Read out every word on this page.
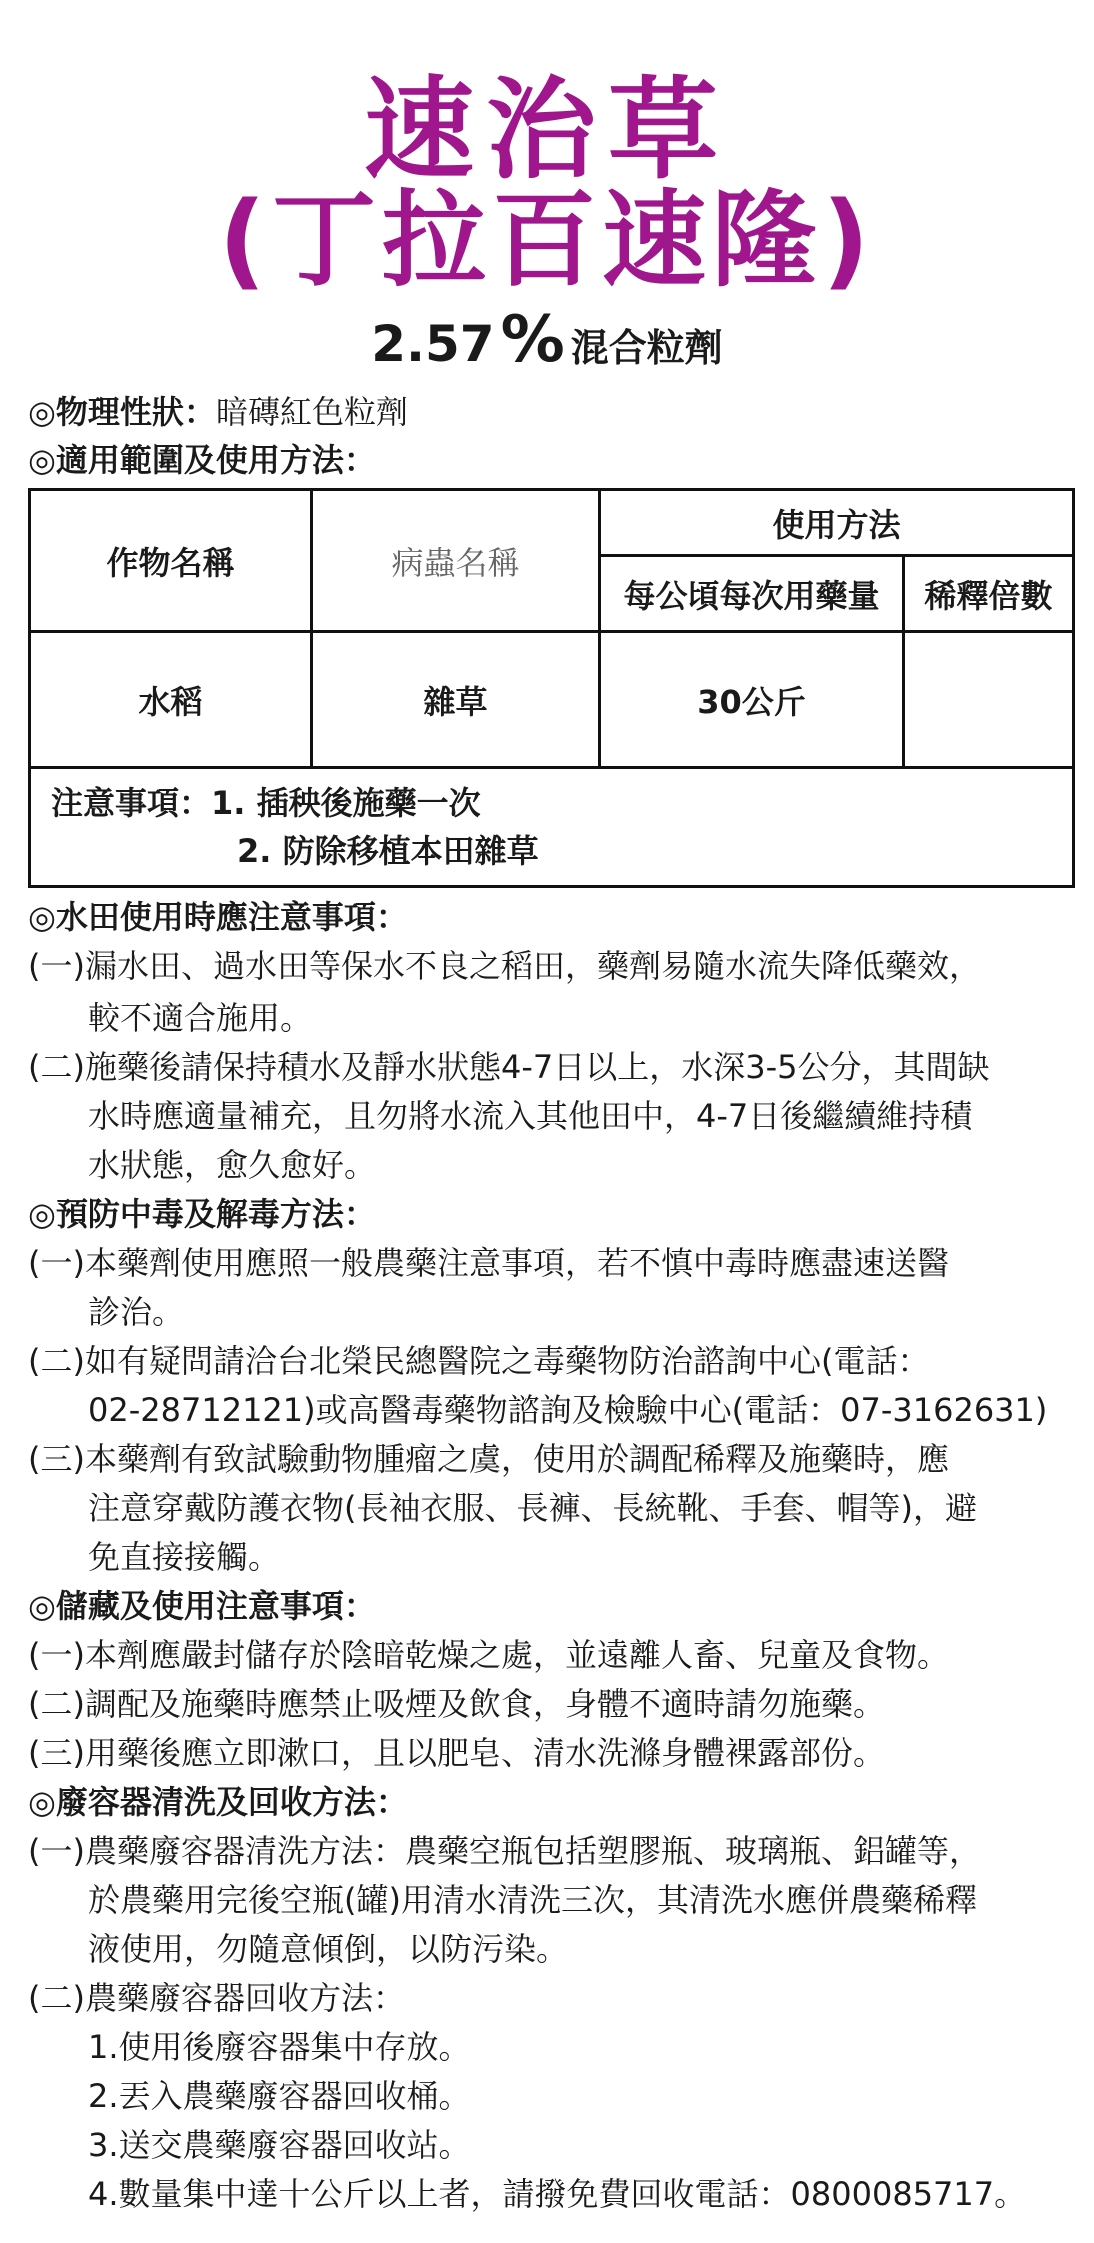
速治草
(丁拉百速隆)
2.57% 混合粒劑
◎物理性狀：暗磚紅色粒劑
◎適用範圍及使用方法：
作物名稱	病蟲名稱	使用方法	
		每公頃每次用藥量	稀釋倍數
水稻	雜草	30公斤	

注意事項：1. 插秧後施藥一次
2. 防除移植本田雜草			
◎水田使用時應注意事項：
(一)漏水田、過水田等保水不良之稻田，藥劑易隨水流失降低藥效，
較不適合施用。
(二)施藥後請保持積水及靜水狀態4-7日以上，水深3-5公分，其間缺
水時應適量補充，且勿將水流入其他田中，4-7日後繼續維持積
水狀態，愈久愈好。
◎預防中毒及解毒方法：
(一)本藥劑使用應照一般農藥注意事項，若不慎中毒時應盡速送醫
診治。
(二)如有疑問請洽台北榮民總醫院之毒藥物防治諮詢中心(電話：
02-28712121)或高醫毒藥物諮詢及檢驗中心(電話：07-3162631)
(三)本藥劑有致試驗動物腫瘤之虞，使用於調配稀釋及施藥時，應
注意穿戴防護衣物(長袖衣服、長褲、長統靴、手套、帽等)，避
免直接接觸。
◎儲藏及使用注意事項：
(一)本劑應嚴封儲存於陰暗乾燥之處，並遠離人畜、兒童及食物。
(二)調配及施藥時應禁止吸煙及飲食，身體不適時請勿施藥。
(三)用藥後應立即漱口，且以肥皂、清水洗滌身體裸露部份。
◎廢容器清洗及回收方法：
(一)農藥廢容器清洗方法：農藥空瓶包括塑膠瓶、玻璃瓶、鋁罐等，
於農藥用完後空瓶(罐)用清水清洗三次，其清洗水應併農藥稀釋
液使用，勿隨意傾倒，以防污染。
(二)農藥廢容器回收方法：
1.使用後廢容器集中存放。
2.丟入農藥廢容器回收桶。
3.送交農藥廢容器回收站。
4.數量集中達十公斤以上者，請撥免費回收電話：0800085717。
